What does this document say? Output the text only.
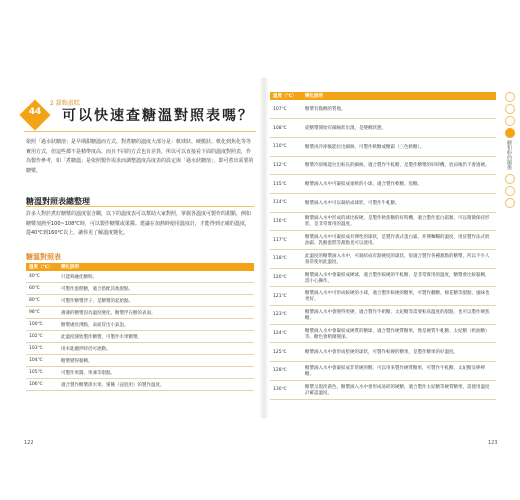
2 甜點蛋糕
44	可以快速查糖溫對照表嗎？
依照「過水狀糖溶」是早期甜糖溫而方式，對煮糖的溫度大部分是：軟球狀、硬脆狀、軟化到焦化等等實用方式，但這些都不是精準度高、而且不同的方式也有差異，所以可以直接看下面的溫度對照表，作為製作參考，如「煮糖溫」是依照製作需求而調整溫度高度表的設定與「過水狀糖溶」，即可煮出需要的糖漿。
糖溫對照表總整理
許多人對於煮好糖漿的溫度很含糊，以下的溫度表可以幫助大家對照，掌握各溫度可製作的甜點，例如糖漿加熱至100~108℃時，可以製作糖漿或果醬。建議在加熱時使用溫度計，才能得到正確的溫度，從40℃到160℃以上，讓你更了解溫度變化。
糖溫對照表
溫度（℃）	變化說明
40℃	只能夠融化糖粉。
60℃	可製作蛋糕糖，適合搭配其他甜點。
80℃	可製作糖漿浮子，是糖漿的起始點。
98℃	薄薄的糖漿因為溫度變化，糖漿浮在糖的表面。
100℃	糖漿處於沸點，表面冒出小氣泡。
102℃	此溫度開始製作糖漿，可製作水果糖漿。
103℃	用木匙攪拌時仍可流動。
104℃	糖漿變得黏稠。
105℃	可製作果醬、果凍等甜點。
106℃	適合製作糖漿漬水果、蜜餞（浸泡用）的製作溫度。
溫度（℃）	變化說明
107℃	糖漿有黏稠的質地。
108℃	從糖漿開始有細線狀出現，是變稠狀態。
110℃	糖漿再冷卻後能拉出細絲，可製作軟糖或糖霜（三色軟糖）。
112℃	糖漿冷卻後能拉出較長的細絲，適合製作牛軋糖，是製作糖漿的好時機，放涼後仍不會過硬。
115℃	糖漿滴入水中可凝結成柔軟的小球，適合製作軟糖、焦糖。
114℃	糖漿滴入水中可以凝結成球狀，可製作牛軋糖。
116℃	糖漿滴入水中形成的球比較硬，是製作軟焦糖的好時機，適合製作蛋白霜類，可以稍微保持形狀，是非常實用的溫度。
117℃	糖漿滴入水中可凝結成有彈性的球狀，是製作義式蛋白霜、炸彈麵糊的溫度，用於製作法式奶油霜、乳酪蛋糕等甜點也可以使用。
118℃	此溫度的糖漿滴入水中，可凝結成有點硬度的球狀，很適合製作各種甜點的糖漿，所以不少人很常使用此溫度。
120℃	糖漿滴入水中會凝結成硬球，適合製作較硬的牛軋糖，是非常實用的溫度，糖漿會比較黏稠，需小心操作。
121℃	糖漿滴入水中可形成較硬的小球，適合製作較硬的糖果，可製作翻糖、棉花糖等甜點，風味也更好。
123℃	糖漿滴入水中會變得更硬，適合製作牛奶糖、太妃糖等需要較高溫度的甜點，也可以製作硬焦糖。
124℃	糖漿滴入水中會凝結成硬質的糖球，適合製作硬質糖果，像是硬質牛軋糖、太妃糖（奶油糖）等，糖色會稍微變深。
125℃	糖漿滴入水中會形成堅硬的球狀，可製作較硬的糖果，是製作糖果的好溫度。
128℃	糖漿滴入水中會凝結成非常硬的糖，可以用來製作硬質糖果，可製作牛軋糖、太妃糖及棒棒糖。
130℃	糖漿呈現淡黃色，糖漿滴入水中會形成易碎的硬糖，適合製作太妃糖等硬質糖果，需使用溫度計確認溫度。
122	123
糖和粉的關係
